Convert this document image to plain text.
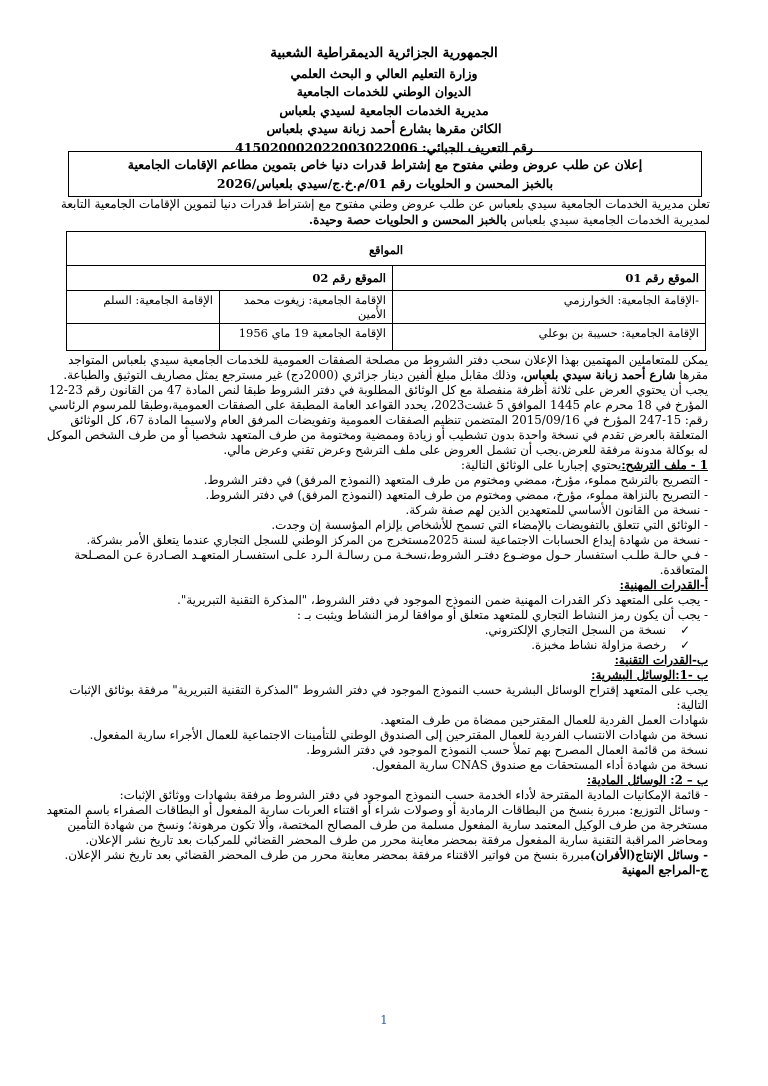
الجمهورية الجزائرية الديمقراطية الشعبية
وزارة التعليم العالي و البحث العلمي
الديوان الوطني للخدمات الجامعية
مديرية الخدمات الجامعية لسيدي بلعباس
الكائن مقرها بشارع أحمد زبانة سيدي بلعباس
رقم التعريف الجبائي: 415020002022003022006
إعلان عن طلب عروض وطني مفتوح مع إشتراط قدرات دنيا خاص بتموين مطاعم الإقامات الجامعية
بالخبز المحسن و الحلويات رقم 01/م.خ.ج/سيدي بلعباس/2026
تعلن مديرية الخدمات الجامعية سيدي بلعباس عن طلب عروض وطني مفتوح مع إشتراط قدرات دنيا لتموين الإقامات الجامعية التابعة
لمديرية الخدمات الجامعية سيدي بلعباس بالخبز المحسن و الحلويات حصة وحيدة.
المواقع		
الموقع رقم 01	الموقع رقم 02	
-الإقامة الجامعية: الخوارزمي	الإقامة الجامعية: زيغوت محمد الأمين	الإقامة الجامعية: السلم
الإقامة الجامعية: حسيبة بن بوعلي	الإقامة الجامعية 19 ماي 1956	

يمكن للمتعاملين المهتمين بهذا الإعلان سحب دفتر الشروط من مصلحة الصفقات العمومية للخدمات الجامعية سيدي بلعباس المتواجد مقرها شارع أحمد زبانة سيدي بلعباس، وذلك مقابل مبلغ ألفين دينار جزائري (2000دج) غير مسترجع يمثل مصاريف التوثيق والطباعة.

يجب أن يحتوي العرض على ثلاثة أظرفة منفصلة مع كل الوثائق المطلوبة في دفتر الشروط طبقا لنص المادة 47 من القانون رقم 23-12 المؤرخ في 18 محرم عام 1445 الموافق 5 غشت2023، يحدد القواعد العامة المطبقة على الصفقات العمومية،وطبقا للمرسوم الرئاسي رقم: 15-247 المؤرخ في 2015/09/16 المتضمن تنظيم الصفقات العمومية وتفويضات المرفق العام ولاسيما المادة 67، كل الوثائق المتعلقة بالعرض تقدم في نسخة واحدة بدون تشطيب أو زيادة وممضية ومختومة من طرف المتعهد شخصيا أو من طرف الشخص الموكل له بوكالة مدونة مرفقة للعرض.يجب أن تشمل العروض على ملف الترشح وعرض تقني وعرض مالي.

1 - ملف الترشح:يحتوي إجباريا على الوثائق التالية:

- التصريح بالترشح مملوء، مؤرخ، ممضي ومختوم من طرف المتعهد (النموذج المرفق) في دفتر الشروط.

- التصريح بالنزاهة مملوء، مؤرخ، ممضي ومختوم من طرف المتعهد (النموذج المرفق) في دفتر الشروط.

- نسخة من القانون الأساسي للمتعهدين الذين لهم صفة شركة.

- الوثائق التي تتعلق بالتفويضات بالإمضاء التي تسمح للأشخاص بإلزام المؤسسة إن وجدت.

- نسخة من شهادة إيداع الحسابات الاجتماعية لسنة 2025مستخرج من المركز الوطني للسجل التجاري عندما يتعلق الأمر بشركة.

- فـي حالـة طلـب استفسار حـول موضـوع دفتـر الشروط،نسخـة مـن رسالـة الـرد علـى استفسـار المتعهـد الصـادرة عـن المصـلحة المتعاقدة.

أ-القدرات المهنية:

- يجب على المتعهد ذكر القدرات المهنية ضمن النموذج الموجود في دفتر الشروط، "المذكرة التقنية التبريرية".

- يجب أن يكون رمز النشاط التجاري للمتعهد متعلق أو موافقا لرمز النشاط ويثبت بـ :

✓نسخة من السجل التجاري الإلكتروني.

✓رخصة مزاولة نشاط مخبزة.

ب-القدرات التقنية:

ب -1:الوسائل البشرية:

يجب على المتعهد إقتراح الوسائل البشرية حسب النموذج الموجود في دفتر الشروط "المذكرة التقنية التبريرية" مرفقة بوثائق الإثبات التالية:

شهادات العمل الفردية للعمال المقترحين ممضاة من طرف المتعهد.

نسخة من شهادات الانتساب الفردية للعمال المقترحين إلى الصندوق الوطني للتأمينات الاجتماعية للعمال الأجراء سارية المفعول.

نسخة من قائمة العمال المصرح بهم تملأ حسب النموذج الموجود في دفتر الشروط.

نسخة من شهادة أداء المستحقات مع صندوق CNAS سارية المفعول.

ب – 2: الوسائل المادية:

- قائمة الإمكانيات المادية المقترحة لأداء الخدمة حسب النموذج الموجود في دفتر الشروط مرفقة بشهادات ووثائق الإثبات:

- وسائل التوزيع: مبررة بنسخ من البطاقات الرمادية أو وصولات شراء أو اقتناء العربات سارية المفعول أو البطاقات الصفراء باسم المتعهد مستخرجة من طرف الوكيل المعتمد سارية المفعول مسلمة من طرف المصالح المختصة، وألا تكون مرهونة؛ ونسخ من شهادة التأمين ومحاضر المراقبة التقنية سارية المفعول مرفقة بمحضر معاينة محرر من طرف المحضر القضائي للمركبات بعد تاريخ نشر الإعلان.

- وسائل الإنتاج(الأفران)مبررة بنسخ من فواتير الاقتناء مرفقة بمحضر معاينة محرر من طرف المحضر القضائي بعد تاريخ نشر الإعلان.

ج-المراجع المهنية

1
